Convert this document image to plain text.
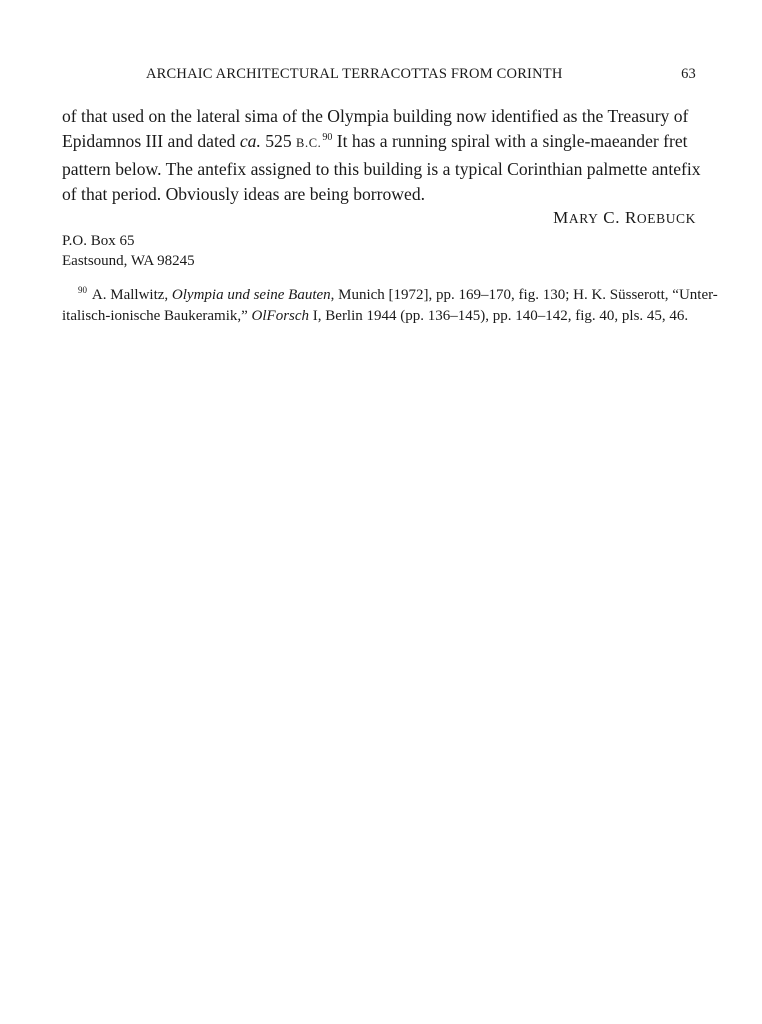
ARCHAIC ARCHITECTURAL TERRACOTTAS FROM CORINTH	63
of that used on the lateral sima of the Olympia building now identified as the Treasury of
Epidamnos III and dated ca. 525 B.C.$^{90}$ It has a running spiral with a single-maeander fret
pattern below. The antefix assigned to this building is a typical Corinthian palmette antefix
of that period. Obviously ideas are being borrowed.
MARY C. ROEBUCK
P.O. Box 65
Eastsound, WA 98245
$^{90}$ A. Mallwitz, Olympia und seine Bauten, Munich [1972], pp. 169–170, fig. 130; H. K. Süsserott, “Unter-
italisch-ionische Baukeramik,” OlForsch I, Berlin 1944 (pp. 136–145), pp. 140–142, fig. 40, pls. 45, 46.
